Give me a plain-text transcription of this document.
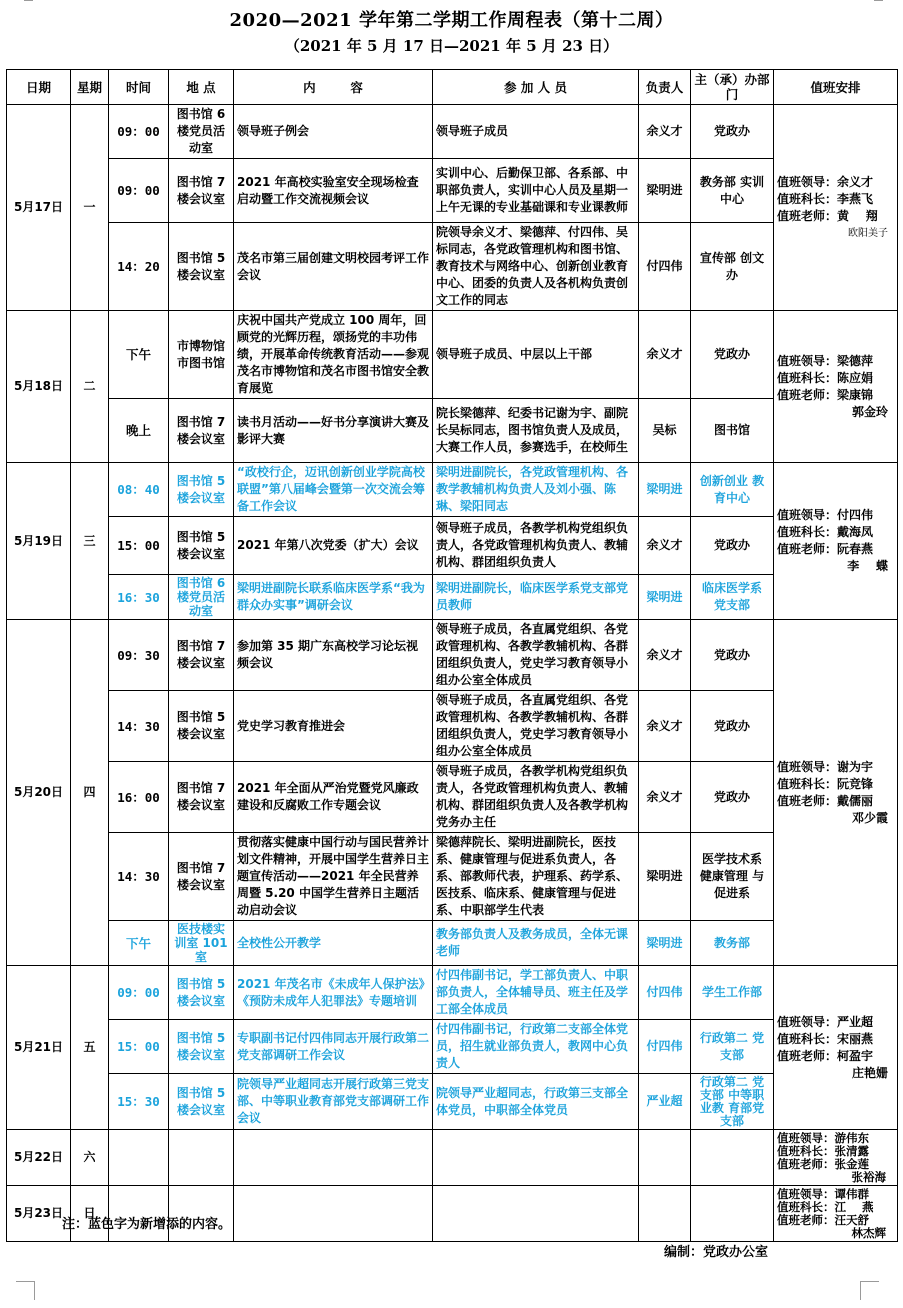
2020—2021 学年第二学期工作周程表（第十二周）
（2021 年 5 月 17 日—2021 年 5 月 23 日）
日期	星期	时间	地 点	内        容	参 加 人 员	负责人	主（承）办部 门	值班安排
5月17日	一	09：00	图书馆 6 楼党员活动室	领导班子例会	领导班子成员	余义才	党政办	值班领导：余义才
值班科长：李燕飞
值班老师：黄    翔
欧阳美子

		09：00	图书馆 7 楼会议室	2021 年高校实验室安全现场检查启动暨工作交流视频会议	实训中心、后勤保卫部、各系部、中职部负责人，实训中心人员及星期一上午无课的专业基础课和专业课教师	梁明进	教务部 实训中心	
		14：20	图书馆 5 楼会议室	茂名市第三届创建文明校园考评工作会议	院领导余义才、梁德萍、付四伟、吴标同志，各党政管理机构和图书馆、教育技术与网络中心、创新创业教育中心、团委的负责人及各机构负责创文工作的同志	付四伟	宣传部 创文办	
5月18日	二	下午	市博物馆 市图书馆	庆祝中国共产党成立 100 周年，回顾党的光辉历程，颂扬党的丰功伟绩，开展革命传统教育活动——参观茂名市博物馆和茂名市图书馆安全教育展览	领导班子成员、中层以上干部	余义才	党政办	值班领导：梁德萍
值班科长：陈应娟
值班老师：梁康锦
郭金玲

		晚上	图书馆 7 楼会议室	读书月活动——好书分享演讲大赛及影评大赛	院长梁德萍、纪委书记谢为宇、副院长吴标同志，图书馆负责人及成员，大赛工作人员，参赛选手，在校师生	吴标	图书馆	
5月19日	三	08：40	图书馆 5 楼会议室	“政校行企，迈讯创新创业学院高校联盟”第八届峰会暨第一次交流会筹备工作会议	梁明进副院长，各党政管理机构、各教学教辅机构负责人及刘小强、陈琳、梁阳同志	梁明进	创新创业 教育中心	值班领导：付四伟
值班科长：戴海凤
值班老师：阮春燕
李    蝶

		15：00	图书馆 5 楼会议室	2021 年第八次党委（扩大）会议	领导班子成员，各教学机构党组织负责人，各党政管理机构负责人、教辅机构、群团组织负责人	余义才	党政办	
		16：30	图书馆 6 楼党员活动室	梁明进副院长联系临床医学系“我为群众办实事”调研会议	梁明进副院长，临床医学系党支部党员教师	梁明进	临床医学系 党支部	
5月20日	四	09：30	图书馆 7 楼会议室	参加第 35 期广东高校学习论坛视频会议	领导班子成员，各直属党组织、各党政管理机构、各教学教辅机构、各群团组织负责人，党史学习教育领导小组办公室全体成员	余义才	党政办	值班领导：谢为宇
值班科长：阮竞锋
值班老师：戴儒丽
邓少霞

		14：30	图书馆 5 楼会议室	党史学习教育推进会	领导班子成员，各直属党组织、各党政管理机构、各教学教辅机构、各群团组织负责人，党史学习教育领导小组办公室全体成员	余义才	党政办	
		16：00	图书馆 7 楼会议室	2021 年全面从严治党暨党风廉政建设和反腐败工作专题会议	领导班子成员，各教学机构党组织负责人，各党政管理机构负责人、教辅机构、群团组织负责人及各教学机构党务办主任	余义才	党政办	
		14：30	图书馆 7 楼会议室	贯彻落实健康中国行动与国民营养计划文件精神，开展中国学生营养日主题宣传活动——2021 年全民营养周暨 5.20 中国学生营养日主题活动启动会议	梁德萍院长、梁明进副院长，医技系、健康管理与促进系负责人，各系、部教师代表，护理系、药学系、医技系、临床系、健康管理与促进系、中职部学生代表	梁明进	医学技术系 健康管理 与促进系	
		下午	医技楼实训室 101 室	全校性公开教学	教务部负责人及教务成员，全体无课老师	梁明进	教务部	
5月21日	五	09：00	图书馆 5 楼会议室	2021 年茂名市《未成年人保护法》《预防未成年人犯罪法》专题培训	付四伟副书记，学工部负责人、中职部负责人，全体辅导员、班主任及学工部全体成员	付四伟	学生工作部	值班领导：严业超
值班科长：宋丽燕
值班老师：柯盈宇
庄艳姗

		15：00	图书馆 5 楼会议室	专职副书记付四伟同志开展行政第二党支部调研工作会议	付四伟副书记，行政第二支部全体党员，招生就业部负责人，教网中心负责人	付四伟	行政第二 党支部	
		15：30	图书馆 5 楼会议室	院领导严业超同志开展行政第三党支部、中等职业教育部党支部调研工作会议	院领导严业超同志，行政第三支部全体党员，中职部全体党员	严业超	行政第二 党支部 中等职业教 育部党支部	
5月22日	六							值班领导：游伟东
值班科长：张清露
值班老师：张金莲
张裕海

5月23日	日							值班领导：谭伟群
值班科长：江    燕
值班老师：汪天舒
林杰辉
注：蓝色字为新增添的内容。
编制：党政办公室
